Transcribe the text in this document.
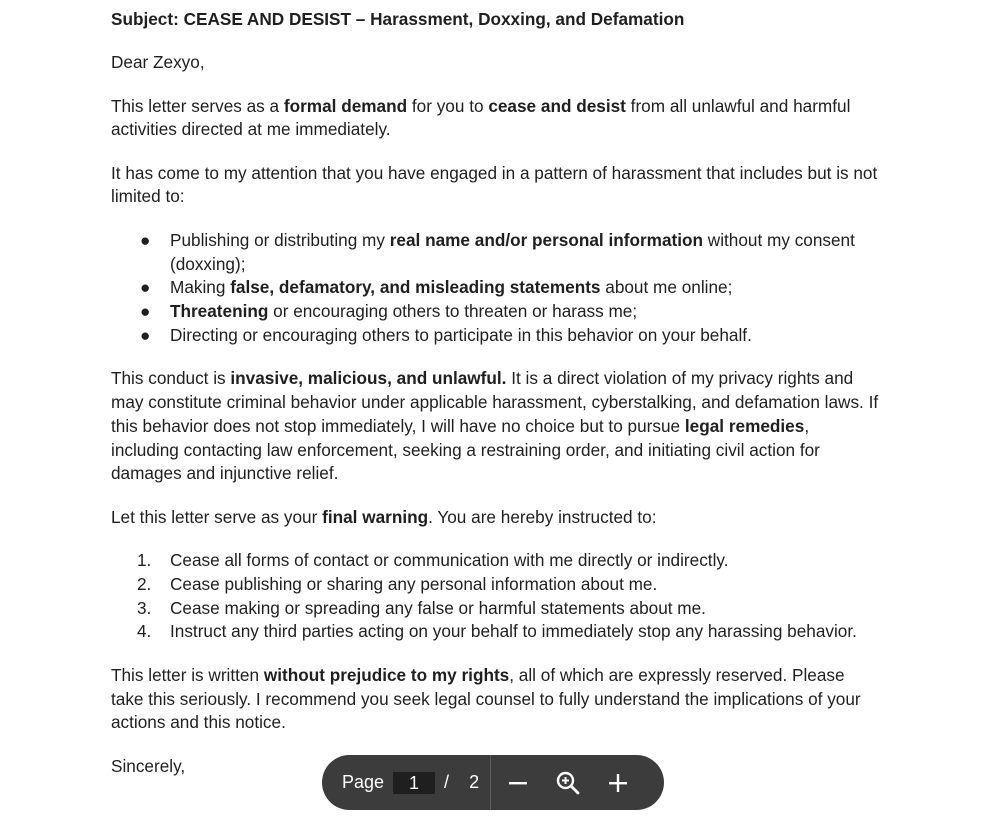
Subject: CEASE AND DESIST – Harassment, Doxxing, and Defamation

Dear Zexyo,

This letter serves as a formal demand for you to cease and desist from all unlawful and harmful activities directed at me immediately.

It has come to my attention that you have engaged in a pattern of harassment that includes but is not limited to:

● Publishing or distributing my real name and/or personal information without my consent (doxxing);
● Making false, defamatory, and misleading statements about me online;
● Threatening or encouraging others to threaten or harass me;
● Directing or encouraging others to participate in this behavior on your behalf.

This conduct is invasive, malicious, and unlawful. It is a direct violation of my privacy rights and may constitute criminal behavior under applicable harassment, cyberstalking, and defamation laws. If this behavior does not stop immediately, I will have no choice but to pursue legal remedies, including contacting law enforcement, seeking a restraining order, and initiating civil action for damages and injunctive relief.

Let this letter serve as your final warning. You are hereby instructed to:

1. Cease all forms of contact or communication with me directly or indirectly.
2. Cease publishing or sharing any personal information about me.
3. Cease making or spreading any false or harmful statements about me.
4. Instruct any third parties acting on your behalf to immediately stop any harassing behavior.

This letter is written without prejudice to my rights, all of which are expressly reserved. Please take this seriously. I recommend you seek legal counsel to fully understand the implications of your actions and this notice.

Sincerely,

Page
1	/ 2
